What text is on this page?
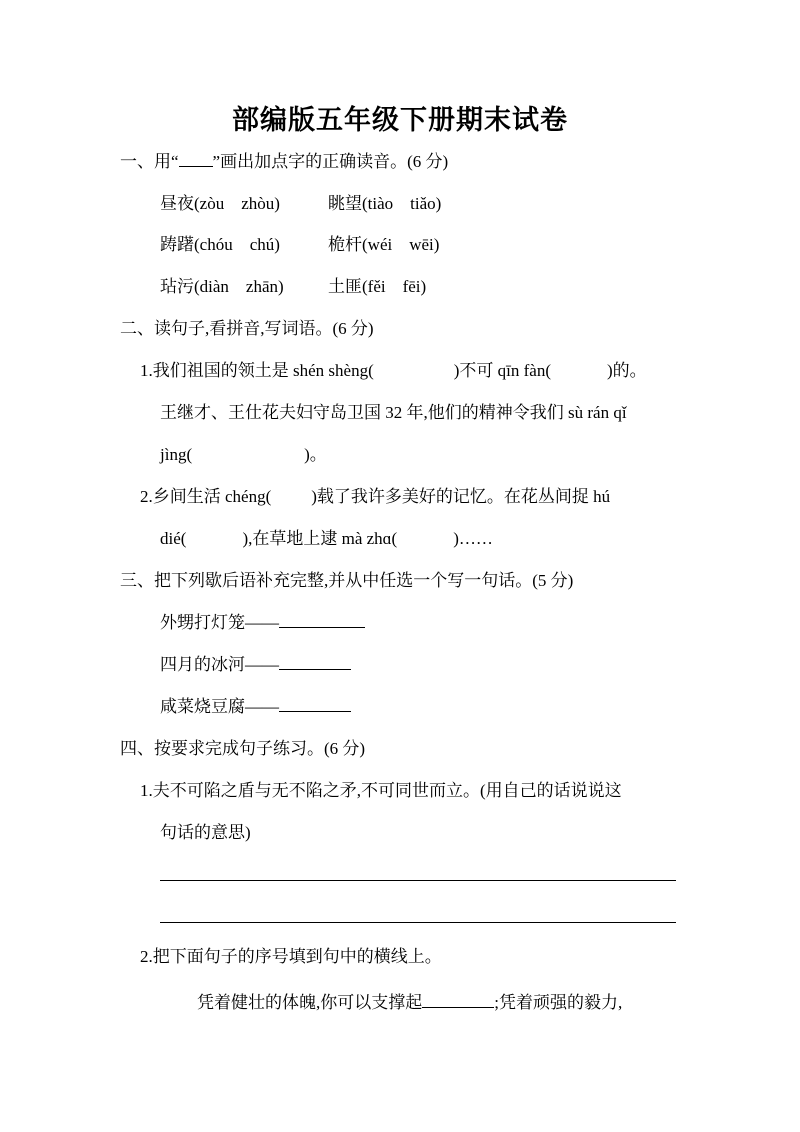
部编版五年级下册期末试卷
一、用“ ”画出加点字的正确读音。(6 分)
昼夜(zòu　zhòu)	眺望(tiào　tiǎo)
踌躇(chóu　chú)	桅杆(wéi　wēi)
玷污(diàn　zhān)	土匪(fěi　fēi)
二、读句子,看拼音,写词语。(6 分)
1.我们祖国的领土是 shén shèng(	)不可 qīn fàn(	)的。
王继才、王仕花夫妇守岛卫国 32 年,他们的精神令我们 sù rán qǐ
jìng(	)。
2.乡间生活 chéng( )载了我许多美好的记忆。在花丛间捉 hú
dié(	),在草地上逮 mà zhɑ(	)……
三、把下列歇后语补充完整,并从中任选一个写一句话。(5 分)
外甥打灯笼——
四月的冰河——
咸菜烧豆腐——
四、按要求完成句子练习。(6 分)
1.夫不可陷之盾与无不陷之矛,不可同世而立。(用自己的话说说这
句话的意思)
2.把下面句子的序号填到句中的横线上。
凭着健壮的体魄,你可以支撑起	;凭着顽强的毅力,
